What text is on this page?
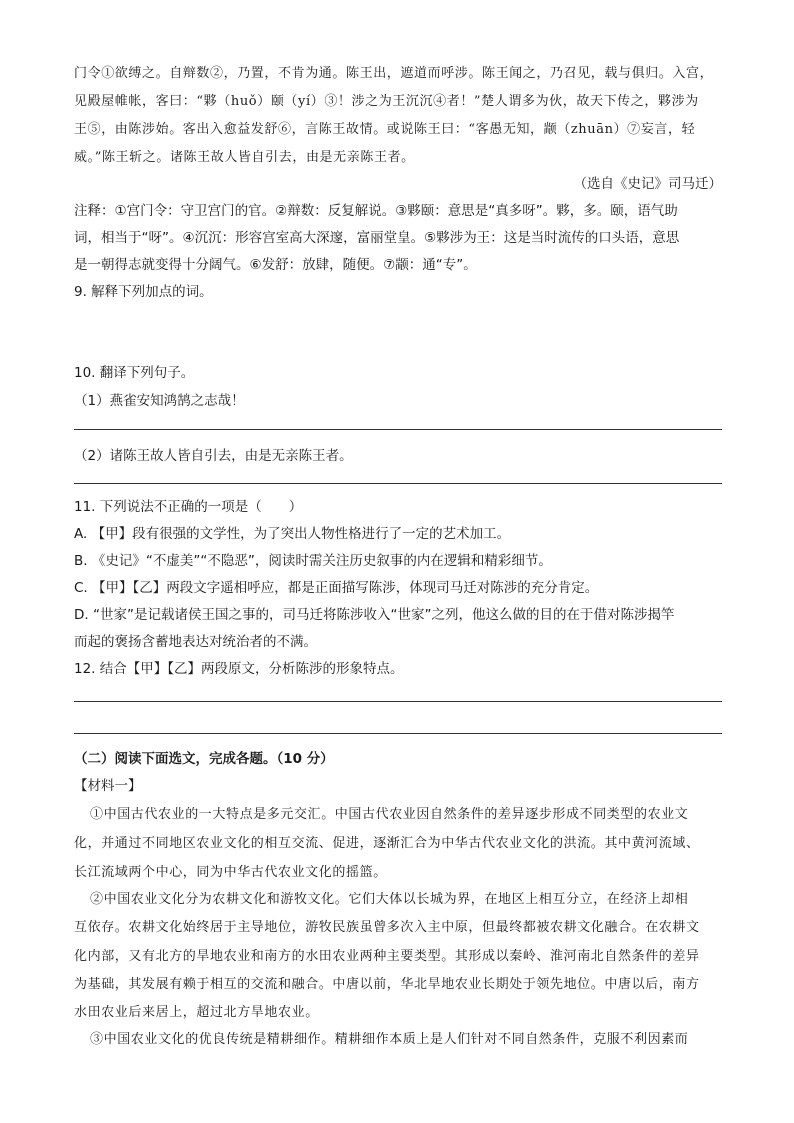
门令①欲缚之。自辩数②，乃置，不肯为通。陈王出，遮道而呼涉。陈王闻之，乃召见，载与俱归。入宫，
见殿屋帷帐，客曰：“夥（huǒ）颐（yí）③！涉之为王沉沉④者！”楚人谓多为伙，故天下传之，夥涉为
王⑤，由陈涉始。客出入愈益发舒⑥，言陈王故情。或说陈王曰：“客愚无知，颛（zhuān）⑦妄言，轻
威。”陈王斩之。诸陈王故人皆自引去，由是无亲陈王者。
（选自《史记》司马迁）
注释：①宫门令：守卫宫门的官。②辩数：反复解说。③夥颐：意思是“真多呀”。夥，多。颐，语气助
词，相当于“呀”。④沉沉：形容宫室高大深邃，富丽堂皇。⑤夥涉为王：这是当时流传的口头语，意思
是一朝得志就变得十分阔气。⑥发舒：放肆，随便。⑦颛：通“专”。
9. 解释下列加点的词。
10. 翻译下列句子。
（1）燕雀安知鸿鹄之志哉！
（2）诸陈王故人皆自引去，由是无亲陈王者。
11. 下列说法不正确的一项是（　　）
A. 【甲】段有很强的文学性，为了突出人物性格进行了一定的艺术加工。
B. 《史记》“不虚美”“不隐恶”，阅读时需关注历史叙事的内在逻辑和精彩细节。
C. 【甲】【乙】两段文字遥相呼应，都是正面描写陈涉，体现司马迁对陈涉的充分肯定。
D. “世家”是记载诸侯王国之事的，司马迁将陈涉收入“世家”之列，他这么做的目的在于借对陈涉揭竿
而起的褒扬含蓄地表达对统治者的不满。
12. 结合【甲】【乙】两段原文，分析陈涉的形象特点。
（二）阅读下面选文，完成各题。（10 分）
【材料一】
①中国古代农业的一大特点是多元交汇。中国古代农业因自然条件的差异逐步形成不同类型的农业文
化，并通过不同地区农业文化的相互交流、促进，逐渐汇合为中华古代农业文化的洪流。其中黄河流域、
长江流域两个中心，同为中华古代农业文化的摇篮。
②中国农业文化分为农耕文化和游牧文化。它们大体以长城为界，在地区上相互分立，在经济上却相
互依存。农耕文化始终居于主导地位，游牧民族虽曾多次入主中原，但最终都被农耕文化融合。在农耕文
化内部，又有北方的旱地农业和南方的水田农业两种主要类型。其形成以秦岭、淮河南北自然条件的差异
为基础，其发展有赖于相互的交流和融合。中唐以前，华北旱地农业长期处于领先地位。中唐以后，南方
水田农业后来居上，超过北方旱地农业。
③中国农业文化的优良传统是精耕细作。精耕细作本质上是人们针对不同自然条件，克服不利因素而
